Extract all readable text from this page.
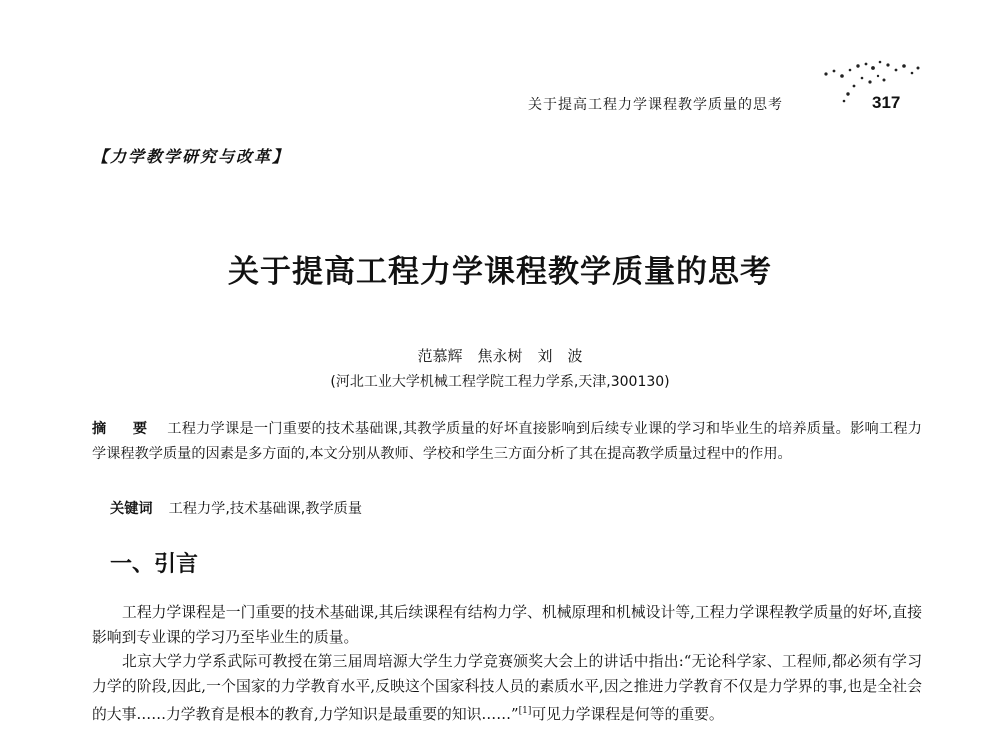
关于提高工程力学课程教学质量的思考	317
【力学教学研究与改革】
关于提高工程力学课程教学质量的思考
范慕辉　焦永树　刘　波
(河北工业大学机械工程学院工程力学系,天津,300130)
摘　要 工程力学课是一门重要的技术基础课,其教学质量的好坏直接影响到后续专业课的学习和毕业生的培养质量。影响工程力学课程教学质量的因素是多方面的,本文分别从教师、学校和学生三方面分析了其在提高教学质量过程中的作用。
关键词 工程力学,技术基础课,教学质量
一、引言
工程力学课程是一门重要的技术基础课,其后续课程有结构力学、机械原理和机械设计等,工程力学课程教学质量的好坏,直接影响到专业课的学习乃至毕业生的质量。
北京大学力学系武际可教授在第三届周培源大学生力学竞赛颁奖大会上的讲话中指出:“无论科学家、工程师,都必须有学习力学的阶段,因此,一个国家的力学教育水平,反映这个国家科技人员的素质水平,因之推进力学教育不仅是力学界的事,也是全社会的大事……力学教育是根本的教育,力学知识是最重要的知识……”[1]可见力学课程是何等的重要。
